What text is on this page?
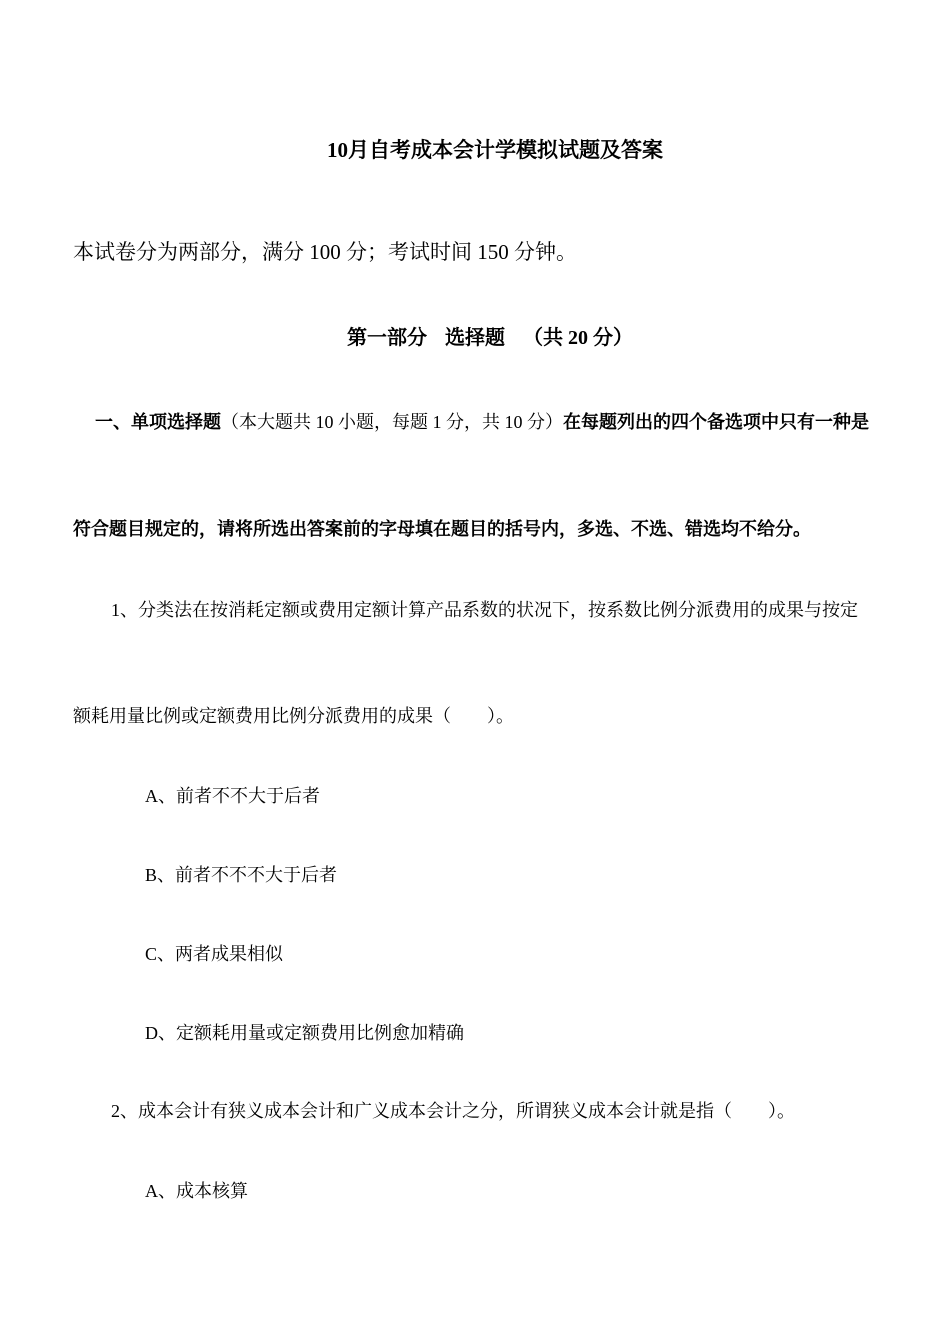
10月自考成本会计学模拟试题及答案
本试卷分为两部分，满分 100 分；考试时间 150 分钟。
第一部分 选择题 （共 20 分）
一、单项选择题（本大题共 10 小题，每题 1 分，共 10 分）在每题列出的四个备选项中只有一种是
符合题目规定的，请将所选出答案前的字母填在题目的括号内，多选、不选、错选均不给分。
1、分类法在按消耗定额或费用定额计算产品系数的状况下，按系数比例分派费用的成果与按定
额耗用量比例或定额费用比例分派费用的成果（　　）。
A、前者不不大于后者
B、前者不不不大于后者
C、两者成果相似
D、定额耗用量或定额费用比例愈加精确
2、成本会计有狭义成本会计和广义成本会计之分，所谓狭义成本会计就是指（　　）。
A、成本核算
